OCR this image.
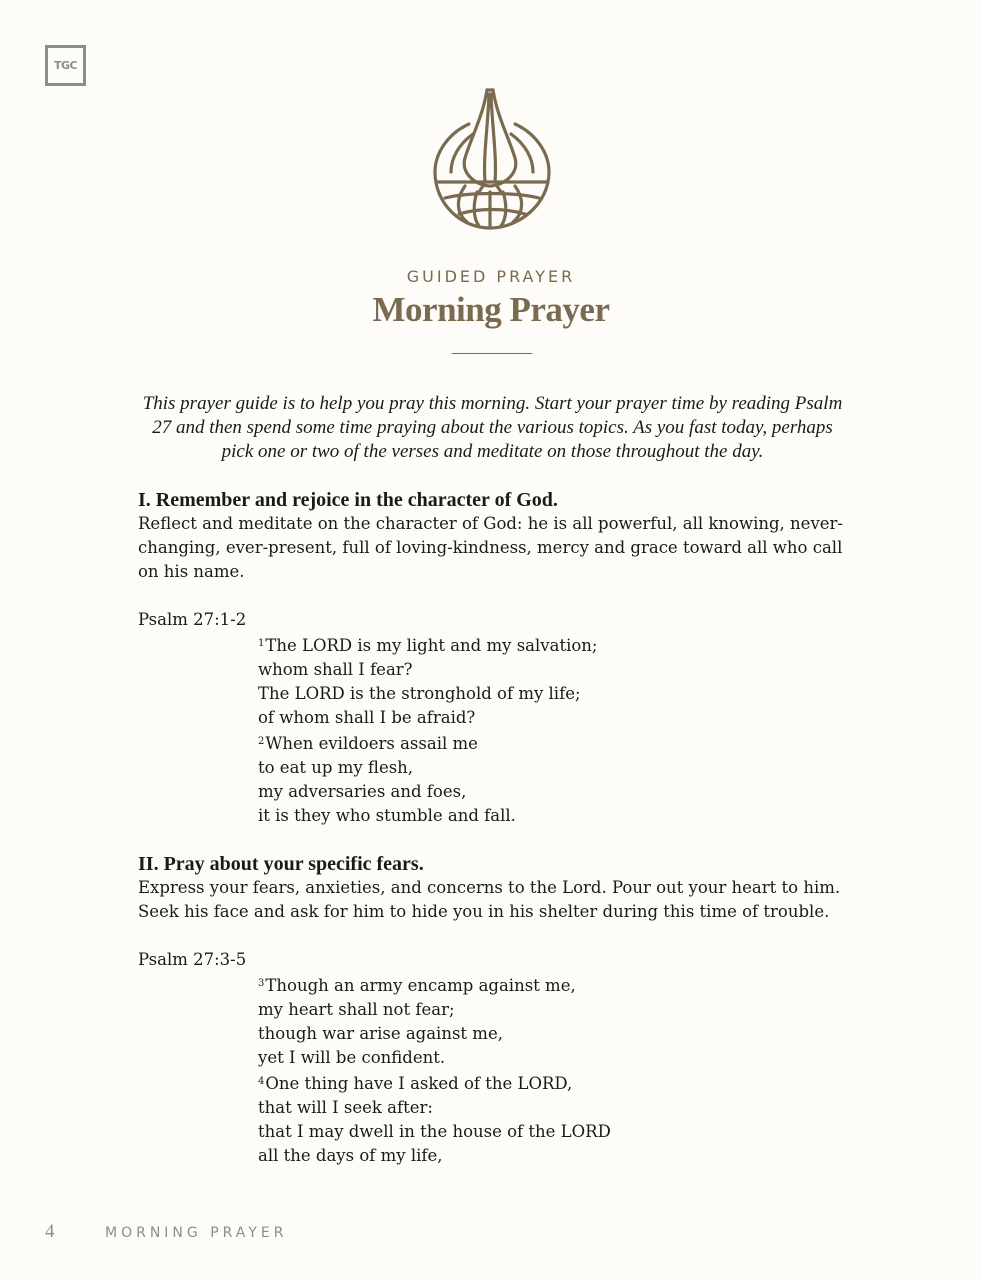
TGC
GUIDED PRAYER
Morning Prayer
This prayer guide is to help you pray this morning. Start your prayer time by reading Psalm 27 and then spend some time praying about the various topics. As you fast today, perhaps pick one or two of the verses and meditate on those throughout the day.

I. Remember and rejoice in the character of God.

Reflect and meditate on the character of God: he is all powerful, all knowing, never-changing, ever-present, full of loving-kindness, mercy and grace toward all who call on his name.

Psalm 27:1-2

$^1$The LORD is my light and my salvation;
whom shall I fear?
The LORD is the stronghold of my life;
of whom shall I be afraid?
$^2$When evildoers assail me
to eat up my flesh,
my adversaries and foes,
it is they who stumble and fall.

II. Pray about your specific fears.

Express your fears, anxieties, and concerns to the Lord. Pour out your heart to him. Seek his face and ask for him to hide you in his shelter during this time of trouble.

Psalm 27:3-5

$^3$Though an army encamp against me,
my heart shall not fear;
though war arise against me,
yet I will be confident.
$^4$One thing have I asked of the LORD,
that will I seek after:
that I may dwell in the house of the LORD
all the days of my life,
4	MORNING PRAYER
